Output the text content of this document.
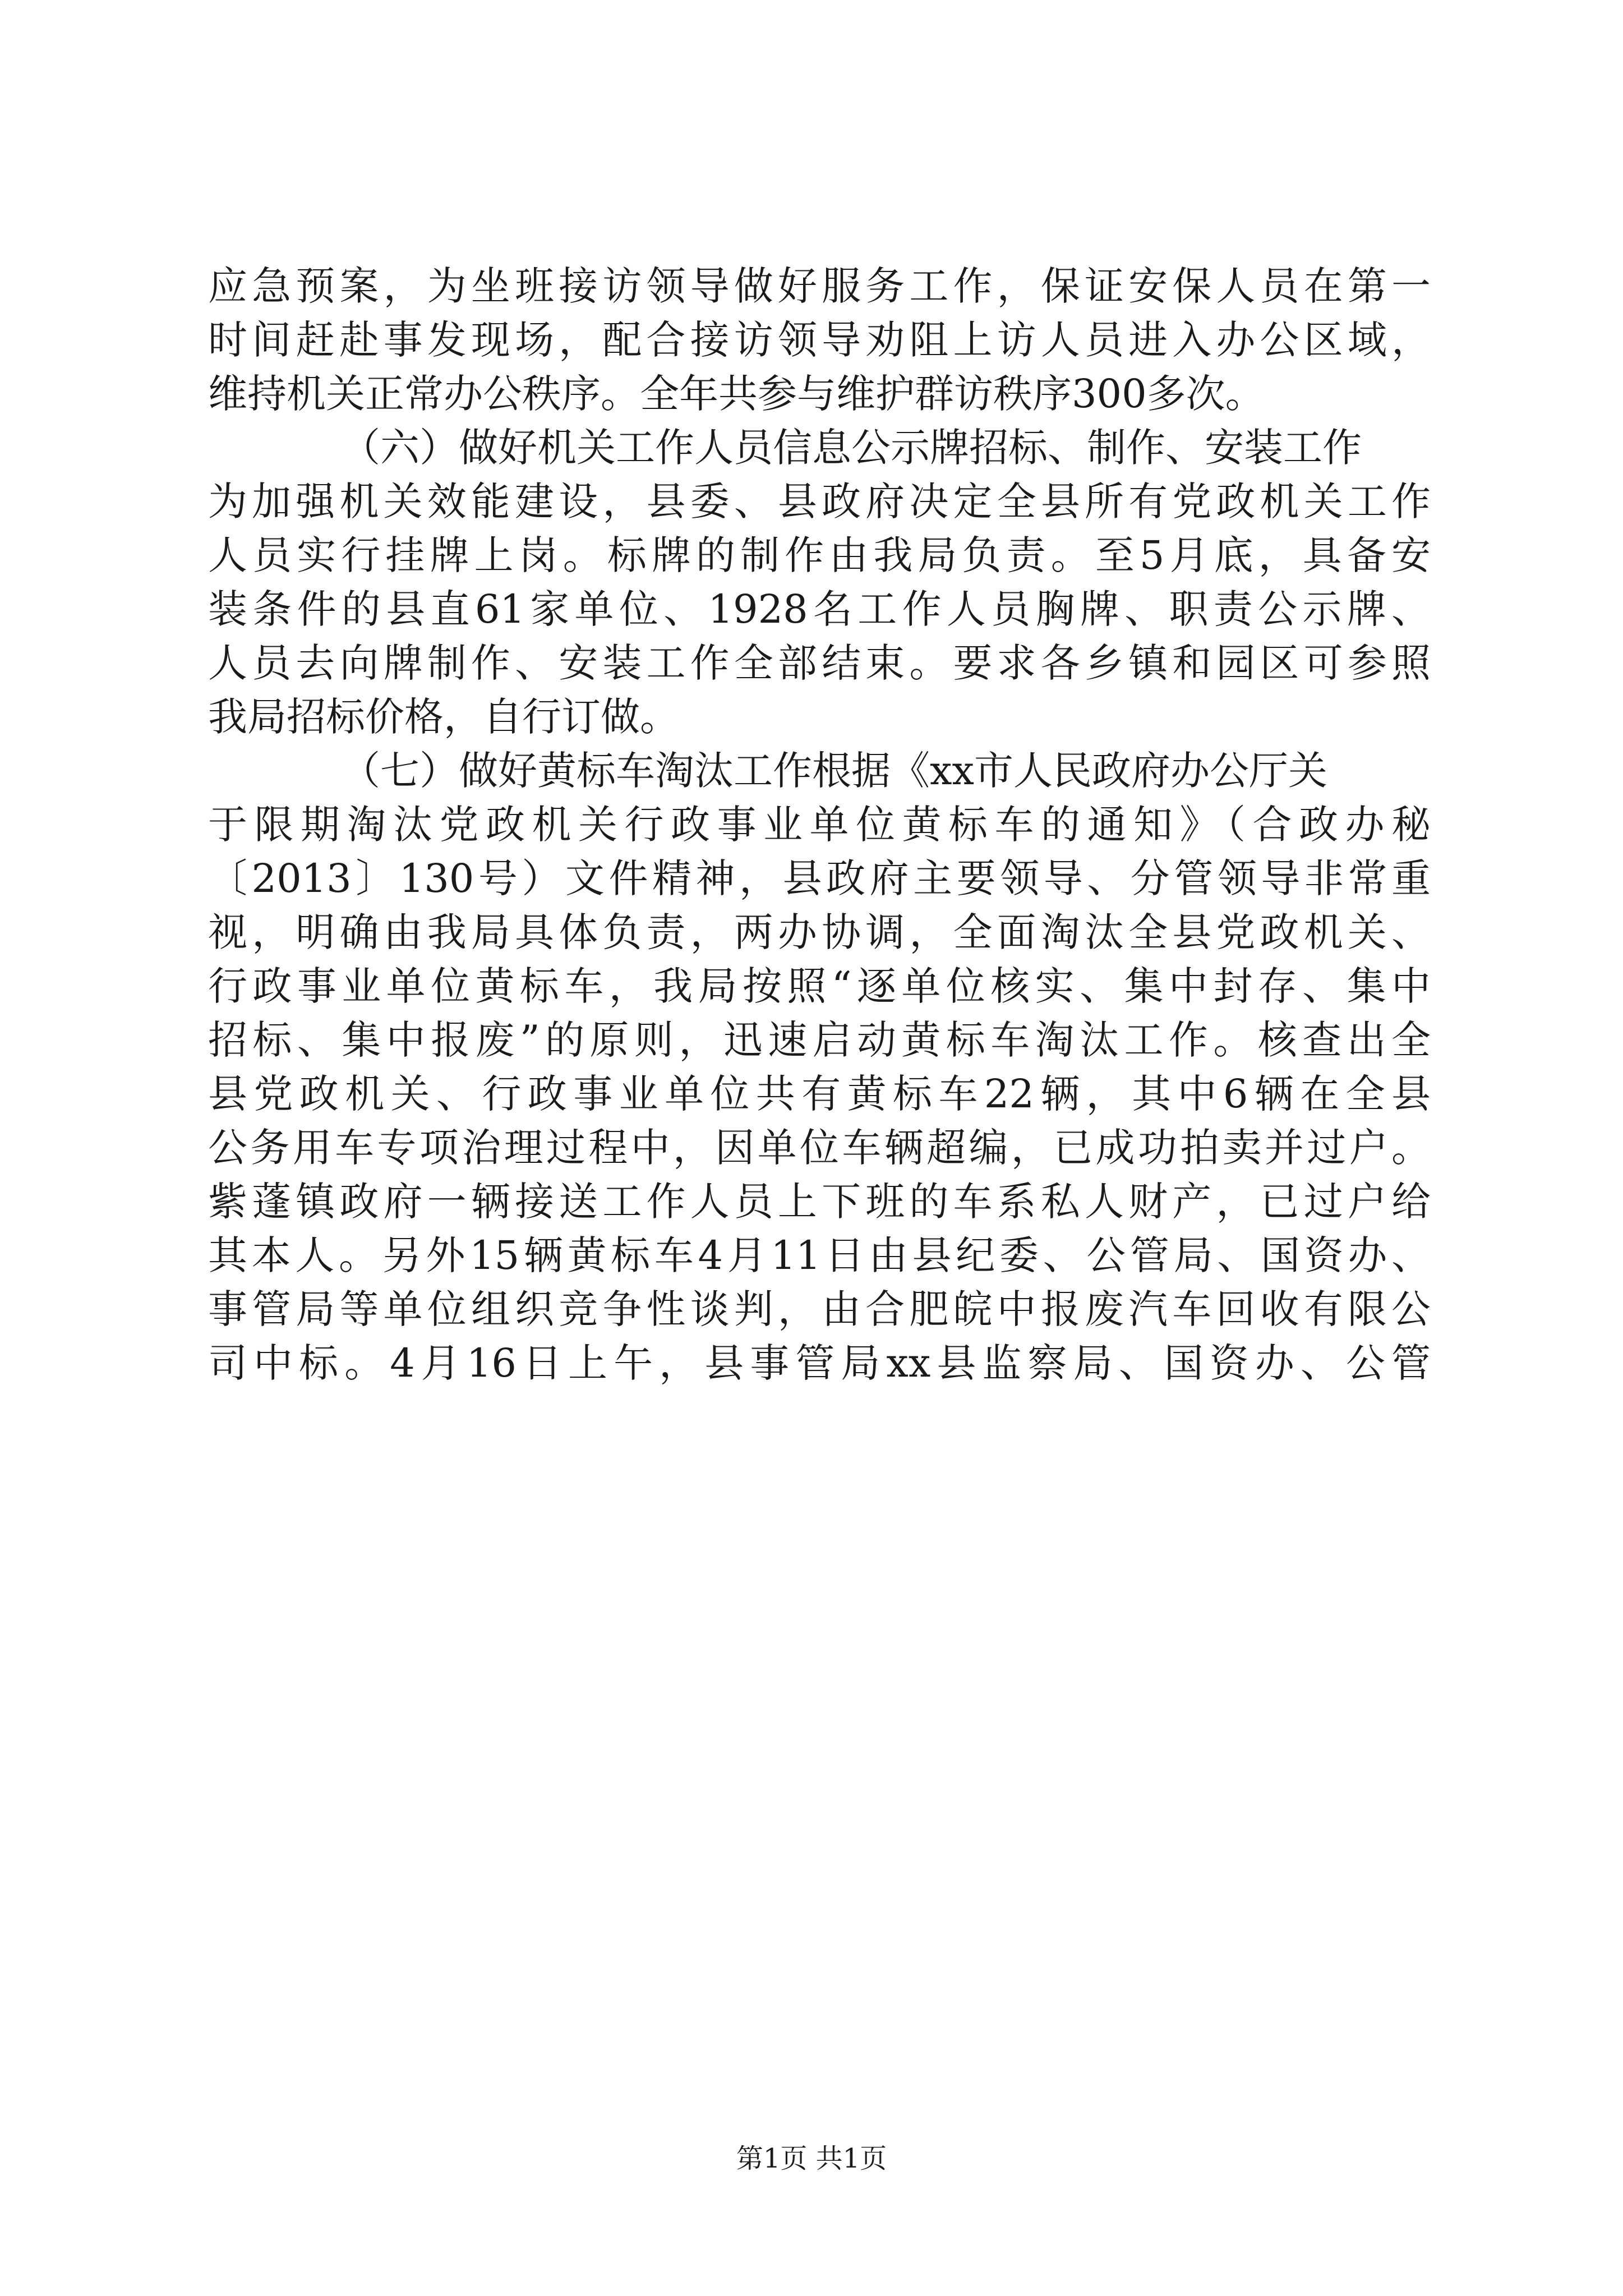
应急预案，为坐班接访领导做好服务工作，保证安保人员在第一
时间赶赴事发现场，配合接访领导劝阻上访人员进入办公区域，
维持机关正常办公秩序。全年共参与维护群访秩序300多次。
（六）做好机关工作人员信息公示牌招标、制作、安装工作
为加强机关效能建设，县委、县政府决定全县所有党政机关工作
人员实行挂牌上岗。标牌的制作由我局负责。至5月底，具备安
装条件的县直61家单位、1928名工作人员胸牌、职责公示牌、
人员去向牌制作、安装工作全部结束。要求各乡镇和园区可参照
我局招标价格，自行订做。
（七）做好黄标车淘汰工作根据《xx市人民政府办公厅关
于限期淘汰党政机关行政事业单位黄标车的通知》（合政办秘
〔2013〕130号）文件精神，县政府主要领导、分管领导非常重
视，明确由我局具体负责，两办协调，全面淘汰全县党政机关、
行政事业单位黄标车，我局按照“逐单位核实、集中封存、集中
招标、集中报废”的原则，迅速启动黄标车淘汰工作。核查出全
县党政机关、行政事业单位共有黄标车22辆，其中6辆在全县
公务用车专项治理过程中，因单位车辆超编，已成功拍卖并过户。
紫蓬镇政府一辆接送工作人员上下班的车系私人财产，已过户给
其本人。另外15辆黄标车4月11日由县纪委、公管局、国资办、
事管局等单位组织竞争性谈判，由合肥皖中报废汽车回收有限公
司中标。4月16日上午，县事管局xx县监察局、国资办、公管
第1页 共1页
